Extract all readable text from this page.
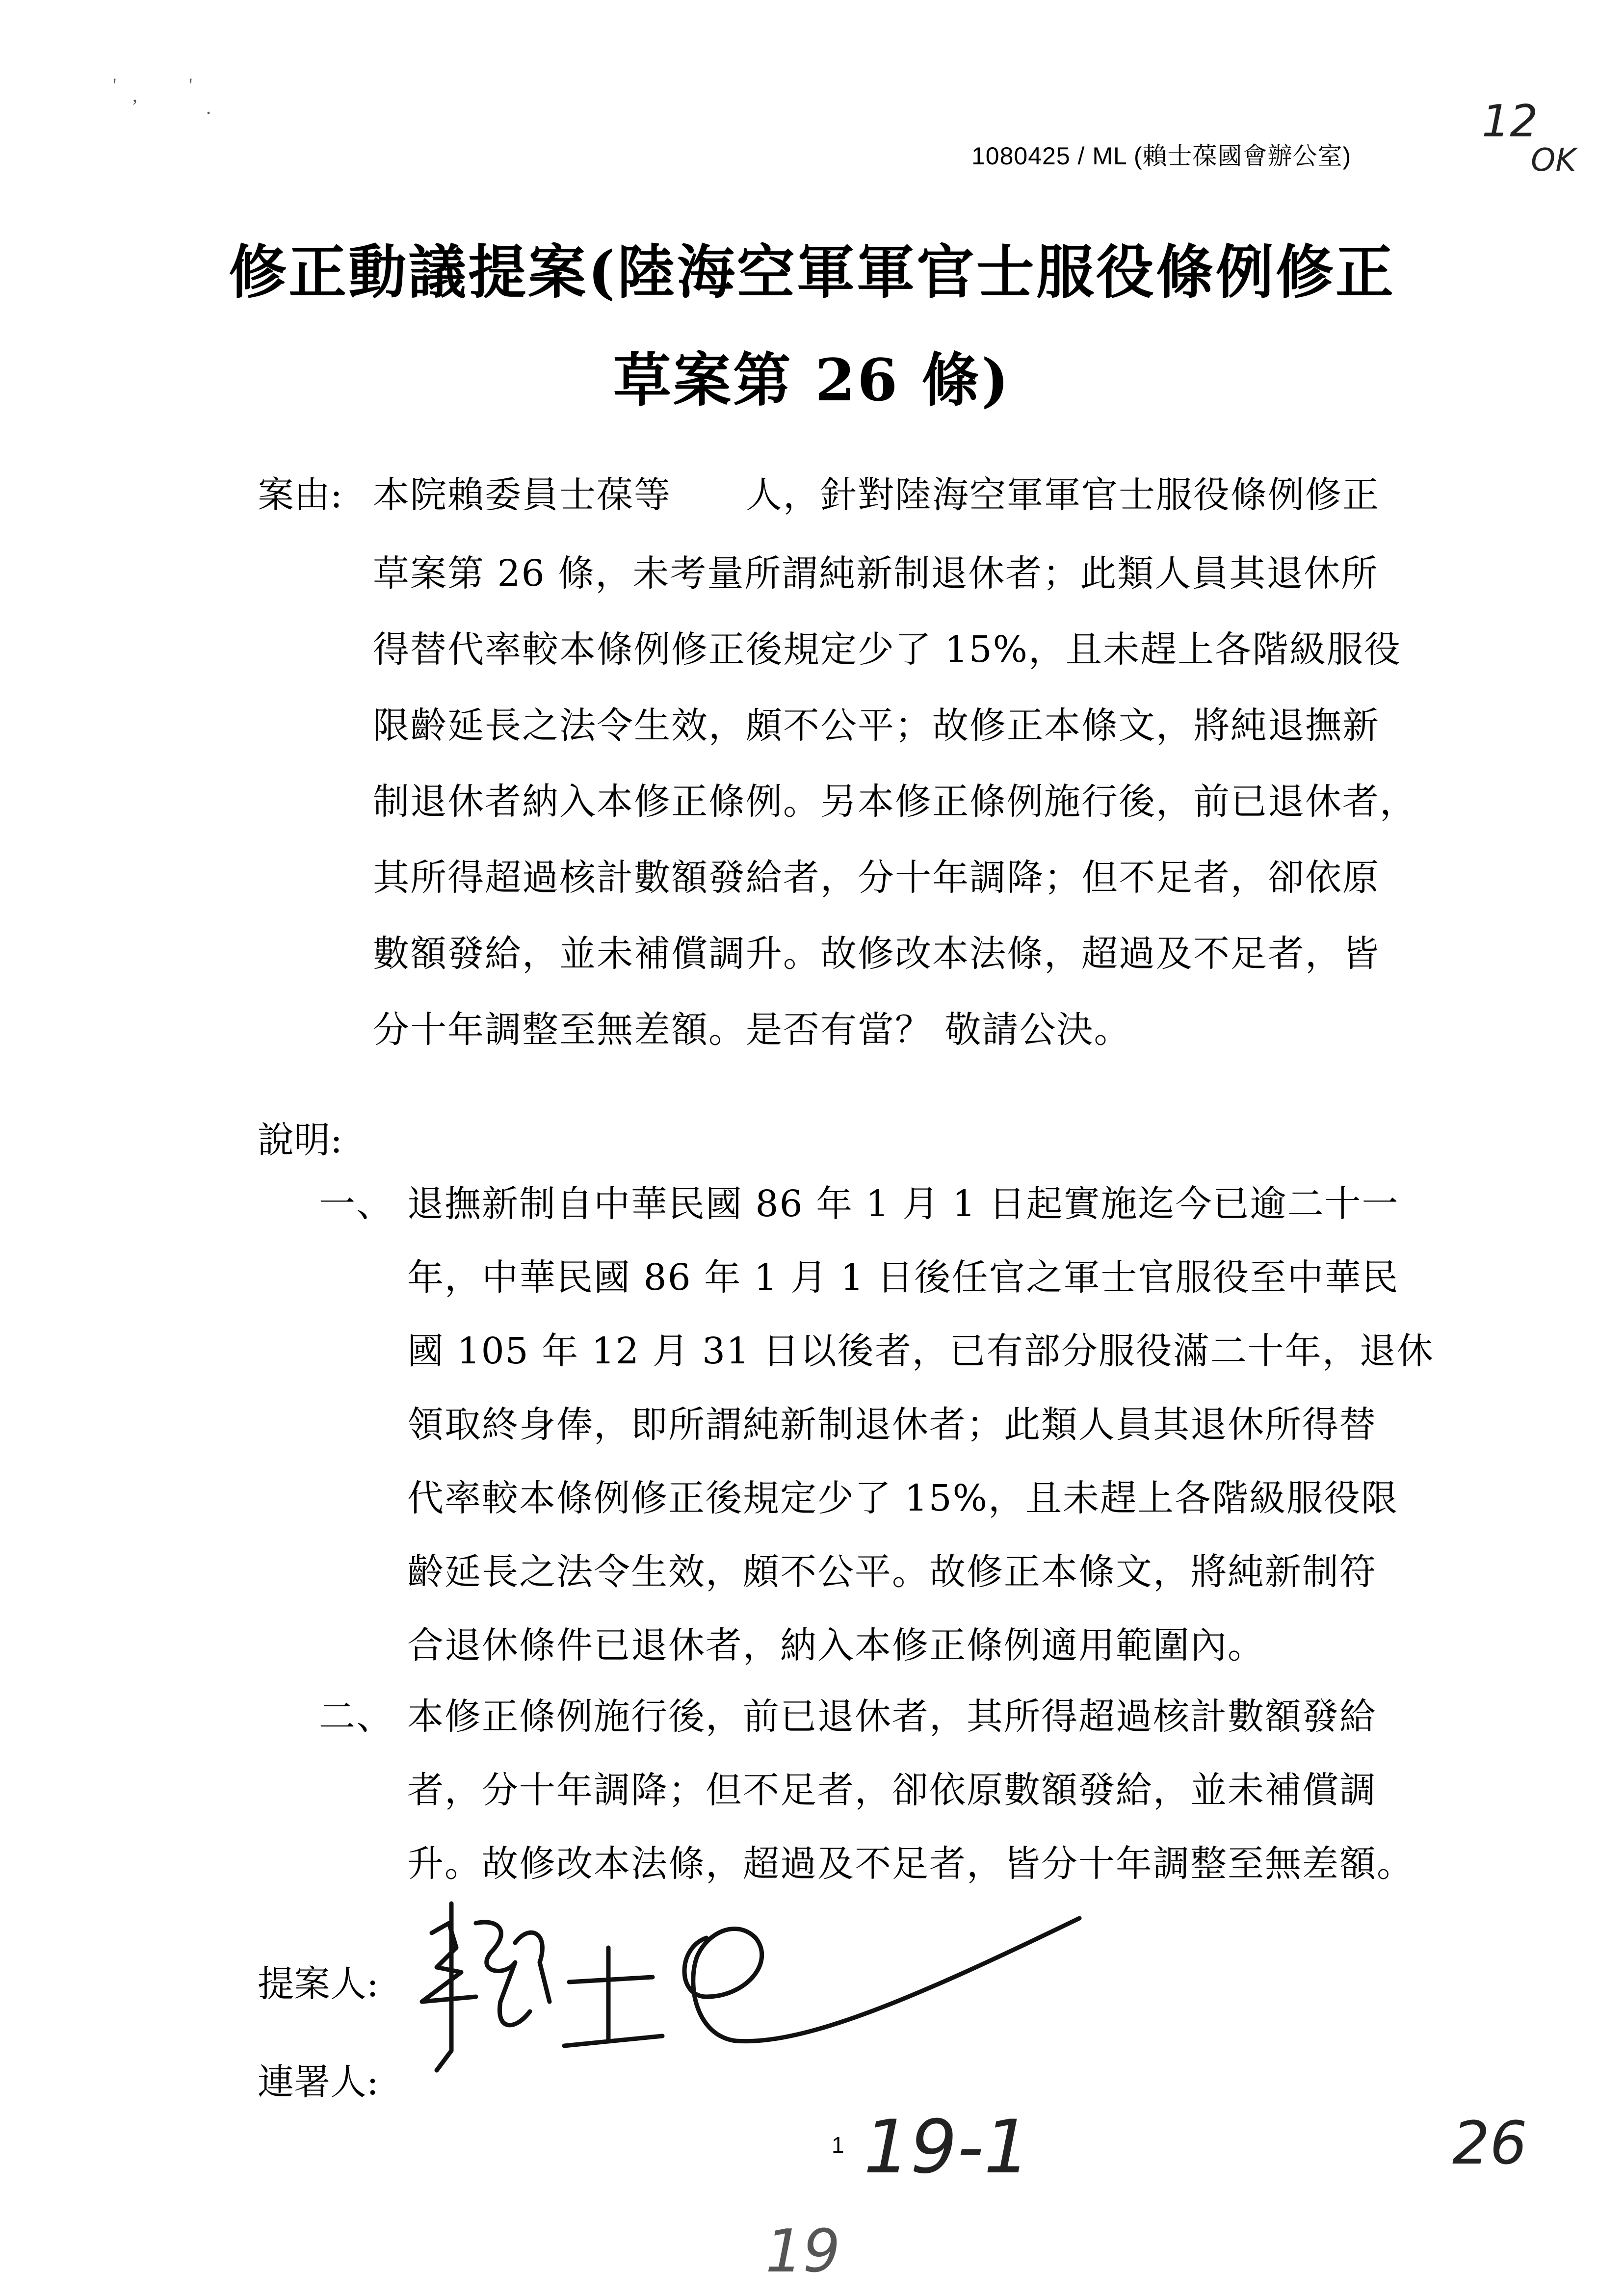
' ,	'
.
1080425 / ML (賴士葆國會辦公室)
12
OK
修正動議提案(陸海空軍軍官士服役條例修正
草案第 26 條)
案由: 本院賴委員士葆等　　人，針對陸海空軍軍官士服役條例修正
草案第 26 條，未考量所謂純新制退休者；此類人員其退休所
得替代率較本條例修正後規定少了 15%，且未趕上各階級服役
限齡延長之法令生效，頗不公平；故修正本條文，將純退撫新
制退休者納入本修正條例。另本修正條例施行後，前已退休者，
其所得超過核計數額發給者，分十年調降；但不足者，卻依原
數額發給，並未補償調升。故修改本法條，超過及不足者，皆
分十年調整至無差額。是否有當？ 敬請公決。
說明:
一、 退撫新制自中華民國 86 年 1 月 1 日起實施迄今已逾二十一
年，中華民國 86 年 1 月 1 日後任官之軍士官服役至中華民
國 105 年 12 月 31 日以後者，已有部分服役滿二十年，退休
領取終身俸，即所謂純新制退休者；此類人員其退休所得替
代率較本條例修正後規定少了 15%，且未趕上各階級服役限
齡延長之法令生效，頗不公平。故修正本條文，將純新制符
合退休條件已退休者，納入本修正條例適用範圍內。
二、 本修正條例施行後，前已退休者，其所得超過核計數額發給
者，分十年調降；但不足者，卻依原數額發給，並未補償調
升。故修改本法條，超過及不足者，皆分十年調整至無差額。
提案人:
連署人:
1 19-1
19
26
